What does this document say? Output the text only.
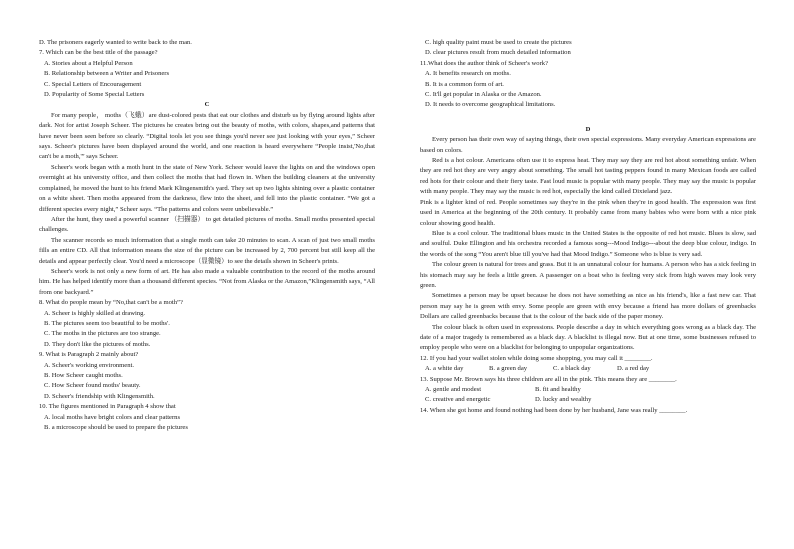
D. The prisoners eagerly wanted to write back to the man.
7. Which can be the best title of the passage?
A. Stories about a Helpful Person
B. Relationship between a Writer and Prisoners
C. Special Letters of Encouragement
D. Popularity of Some Special Letters
C
For many people， moths（飞蛾）are dust-colored pests that eat our clothes and disturb us by flying around lights after dark. Not for artist Joseph Scheer. The pictures he creates bring out the beauty of moths, with colors, shapes,and patterns that have never been seen before so clearly. “Digital tools let you see things you'd never see just looking with your eyes,” Scheer says. Scheer's pictures have been displayed around the world, and one reaction is heard everywhere “People insist,'No,that can't be a moth,'” says Scheer.
Scheer's work began with a moth hunt in the state of New York. Scheer would leave the lights on and the windows open overnight at his university office, and then collect the moths that had flown in. When the building cleaners at the university complained, he moved the hunt to his friend Mark Klingensmith's yard. They set up two lights shining over a plastic container on a white sheet. Then moths appeared from the darkness, flew into the sheet, and fell into the plastic container. “We got a different species every night,” Scheer says. “The patterns and colors were unbelievable.”
After the hunt, they used a powerful scanner （扫描器） to get detailed pictures of moths. Small moths presented special challenges.
The scanner records so much information that a single moth can take 20 minutes to scan. A scan of just two small moths fills an entire CD. All that information means the size of the picture can be increased by 2, 700 percent but still keep all the details and appear perfectly clear. You'd need a microscope（显微镜）to see the details shown in Scheer's prints.
Scheer's work is not only a new form of art. He has also made a valuable contribution to the record of the moths around him. He has helped identify more than a thousand different species. “Not from Alaska or the Amazon,”Klingensmith says, “All from one backyard.”
8. What do people mean by “No,that can't be a moth”?
A. Scheer is highly skilled at drawing.
B. The pictures seem too beautiful to be moths'.
C. The moths in the pictures are too strange.
D. They don't like the pictures of moths.
9. What is Paragraph 2 mainly about?
A. Scheer's working environment.
B. How Scheer caught moths.
C. How Scheer found moths' beauty.
D. Scheer's friendship with Klingensmith.
10. The figures mentioned in Paragraph 4 show that
A. local moths have bright colors and clear patterns
B. a microscope should be used to prepare the pictures
C. high quality paint must be used to create the pictures
D. clear pictures result from much detailed information
11.What does the author think of Scheer's work?
A. It benefits research on moths.
B. It is a common form of art.
C. It'll get popular in Alaska or the Amazon.
D. It needs to overcome geographical limitations.
D
Every person has their own way of saying things, their own special expressions. Many everyday American expressions are based on colors.
Red is a hot colour. Americans often use it to express heat. They may say they are red hot about something unfair. When they are red hot they are very angry about something. The small hot tasting peppers found in many Mexican foods are called red hots for their colour and their fiery taste. Fast loud music is popular with many people. They may say the music is popular with many people. They may say the music is red hot, especially the kind called Dixieland jazz.
Pink is a lighter kind of red. People sometimes say they're in the pink when they're in good health. The expression was first used in America at the beginning of the 20th century. It probably came from many babies who were born with a nice pink colour showing good health.
Blue is a cool colour. The traditional blues music in the United States is the opposite of red hot music. Blues is slow, sad and soulful. Duke Ellington and his orchestra recorded a famous song---Mood Indigo---about the deep blue colour, indigo. In the words of the song “You aren't blue till you've had that Mood Indigo.” Someone who is blue is very sad.
The colour green is natural for trees and grass. But it is an unnatural colour for humans. A person who has a sick feeling in his stomach may say he feels a little green. A passenger on a boat who is feeling very sick from high waves may look very green.
Sometimes a person may be upset because he does not have something as nice as his friend's, like a fast new car. That person may say he is green with envy. Some people are green with envy because a friend has more dollars of greenbacks Dollars are called greenbacks because that is the colour of the back side of the paper money.
The colour black is often used in expressions. People describe a day in which everything goes wrong as a black day. The date of a major tragedy is remembered as a black day. A blacklist is illegal now. But at one time, some businesses refused to employ people who were on a blacklist for belonging to unpopular organizations.
12. If you had your wallet stolen while doing some shopping, you may call it ________.
A. a white day	B. a green day	C. a black day	D. a red day
13. Suppose Mr. Brown says his three children are all in the pink. This means they are ________.
A. gentle and modest	B. fit and healthy
C. creative and energetic	D. lucky and wealthy
14. When she got home and found nothing had been done by her husband, Jane was really ________.
